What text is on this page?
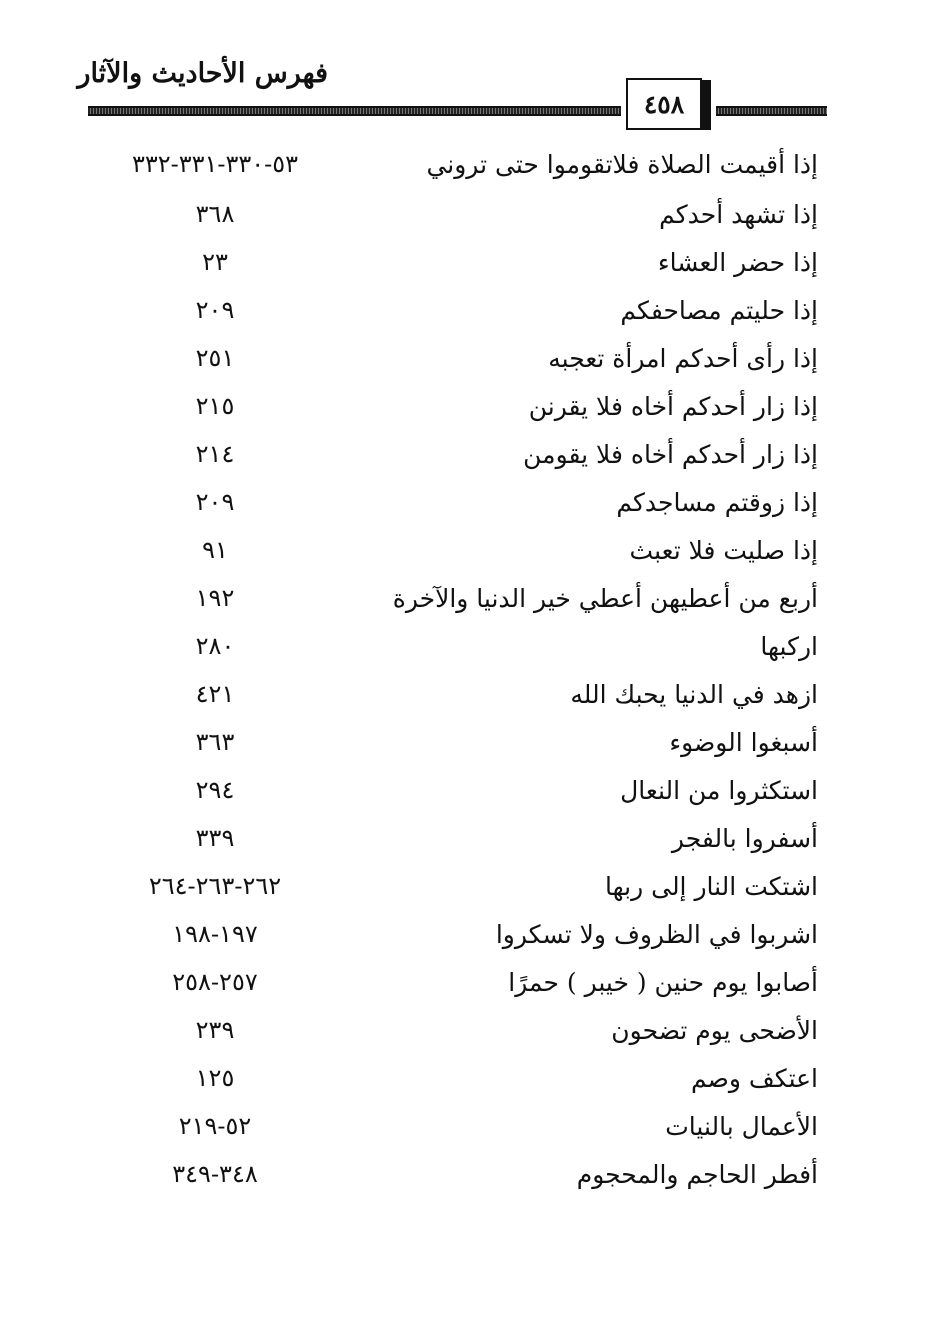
فهرس الأحاديث والآثار
٤٥٨
إذا أقيمت الصلاة فلاتقوموا حتى تروني
٥٣-٣٣٠-٣٣١-٣٣٢
إذا تشهد أحدكم
٣٦٨
إذا حضر العشاء
٢٣
إذا حليتم مصاحفكم
٢٠٩
إذا رأى أحدكم امرأة تعجبه
٢٥١
إذا زار أحدكم أخاه فلا يقرنن
٢١٥
إذا زار أحدكم أخاه فلا يقومن
٢١٤
إذا زوقتم مساجدكم
٢٠٩
إذا صليت فلا تعبث
٩١
أربع من أعطيهن أعطي خير الدنيا والآخرة
١٩٢
اركبها
٢٨٠
ازهد في الدنيا يحبك الله
٤٢١
أسبغوا الوضوء
٣٦٣
استكثروا من النعال
٢٩٤
أسفروا بالفجر
٣٣٩
اشتكت النار إلى ربها
٢٦٢-٢٦٣-٢٦٤
اشربوا في الظروف ولا تسكروا
١٩٧-١٩٨
أصابوا يوم حنين ( خيبر ) حمرًا
٢٥٧-٢٥٨
الأضحى يوم تضحون
٢٣٩
اعتكف وصم
١٢٥
الأعمال بالنيات
٥٢-٢١٩
أفطر الحاجم والمحجوم
٣٤٨-٣٤٩
